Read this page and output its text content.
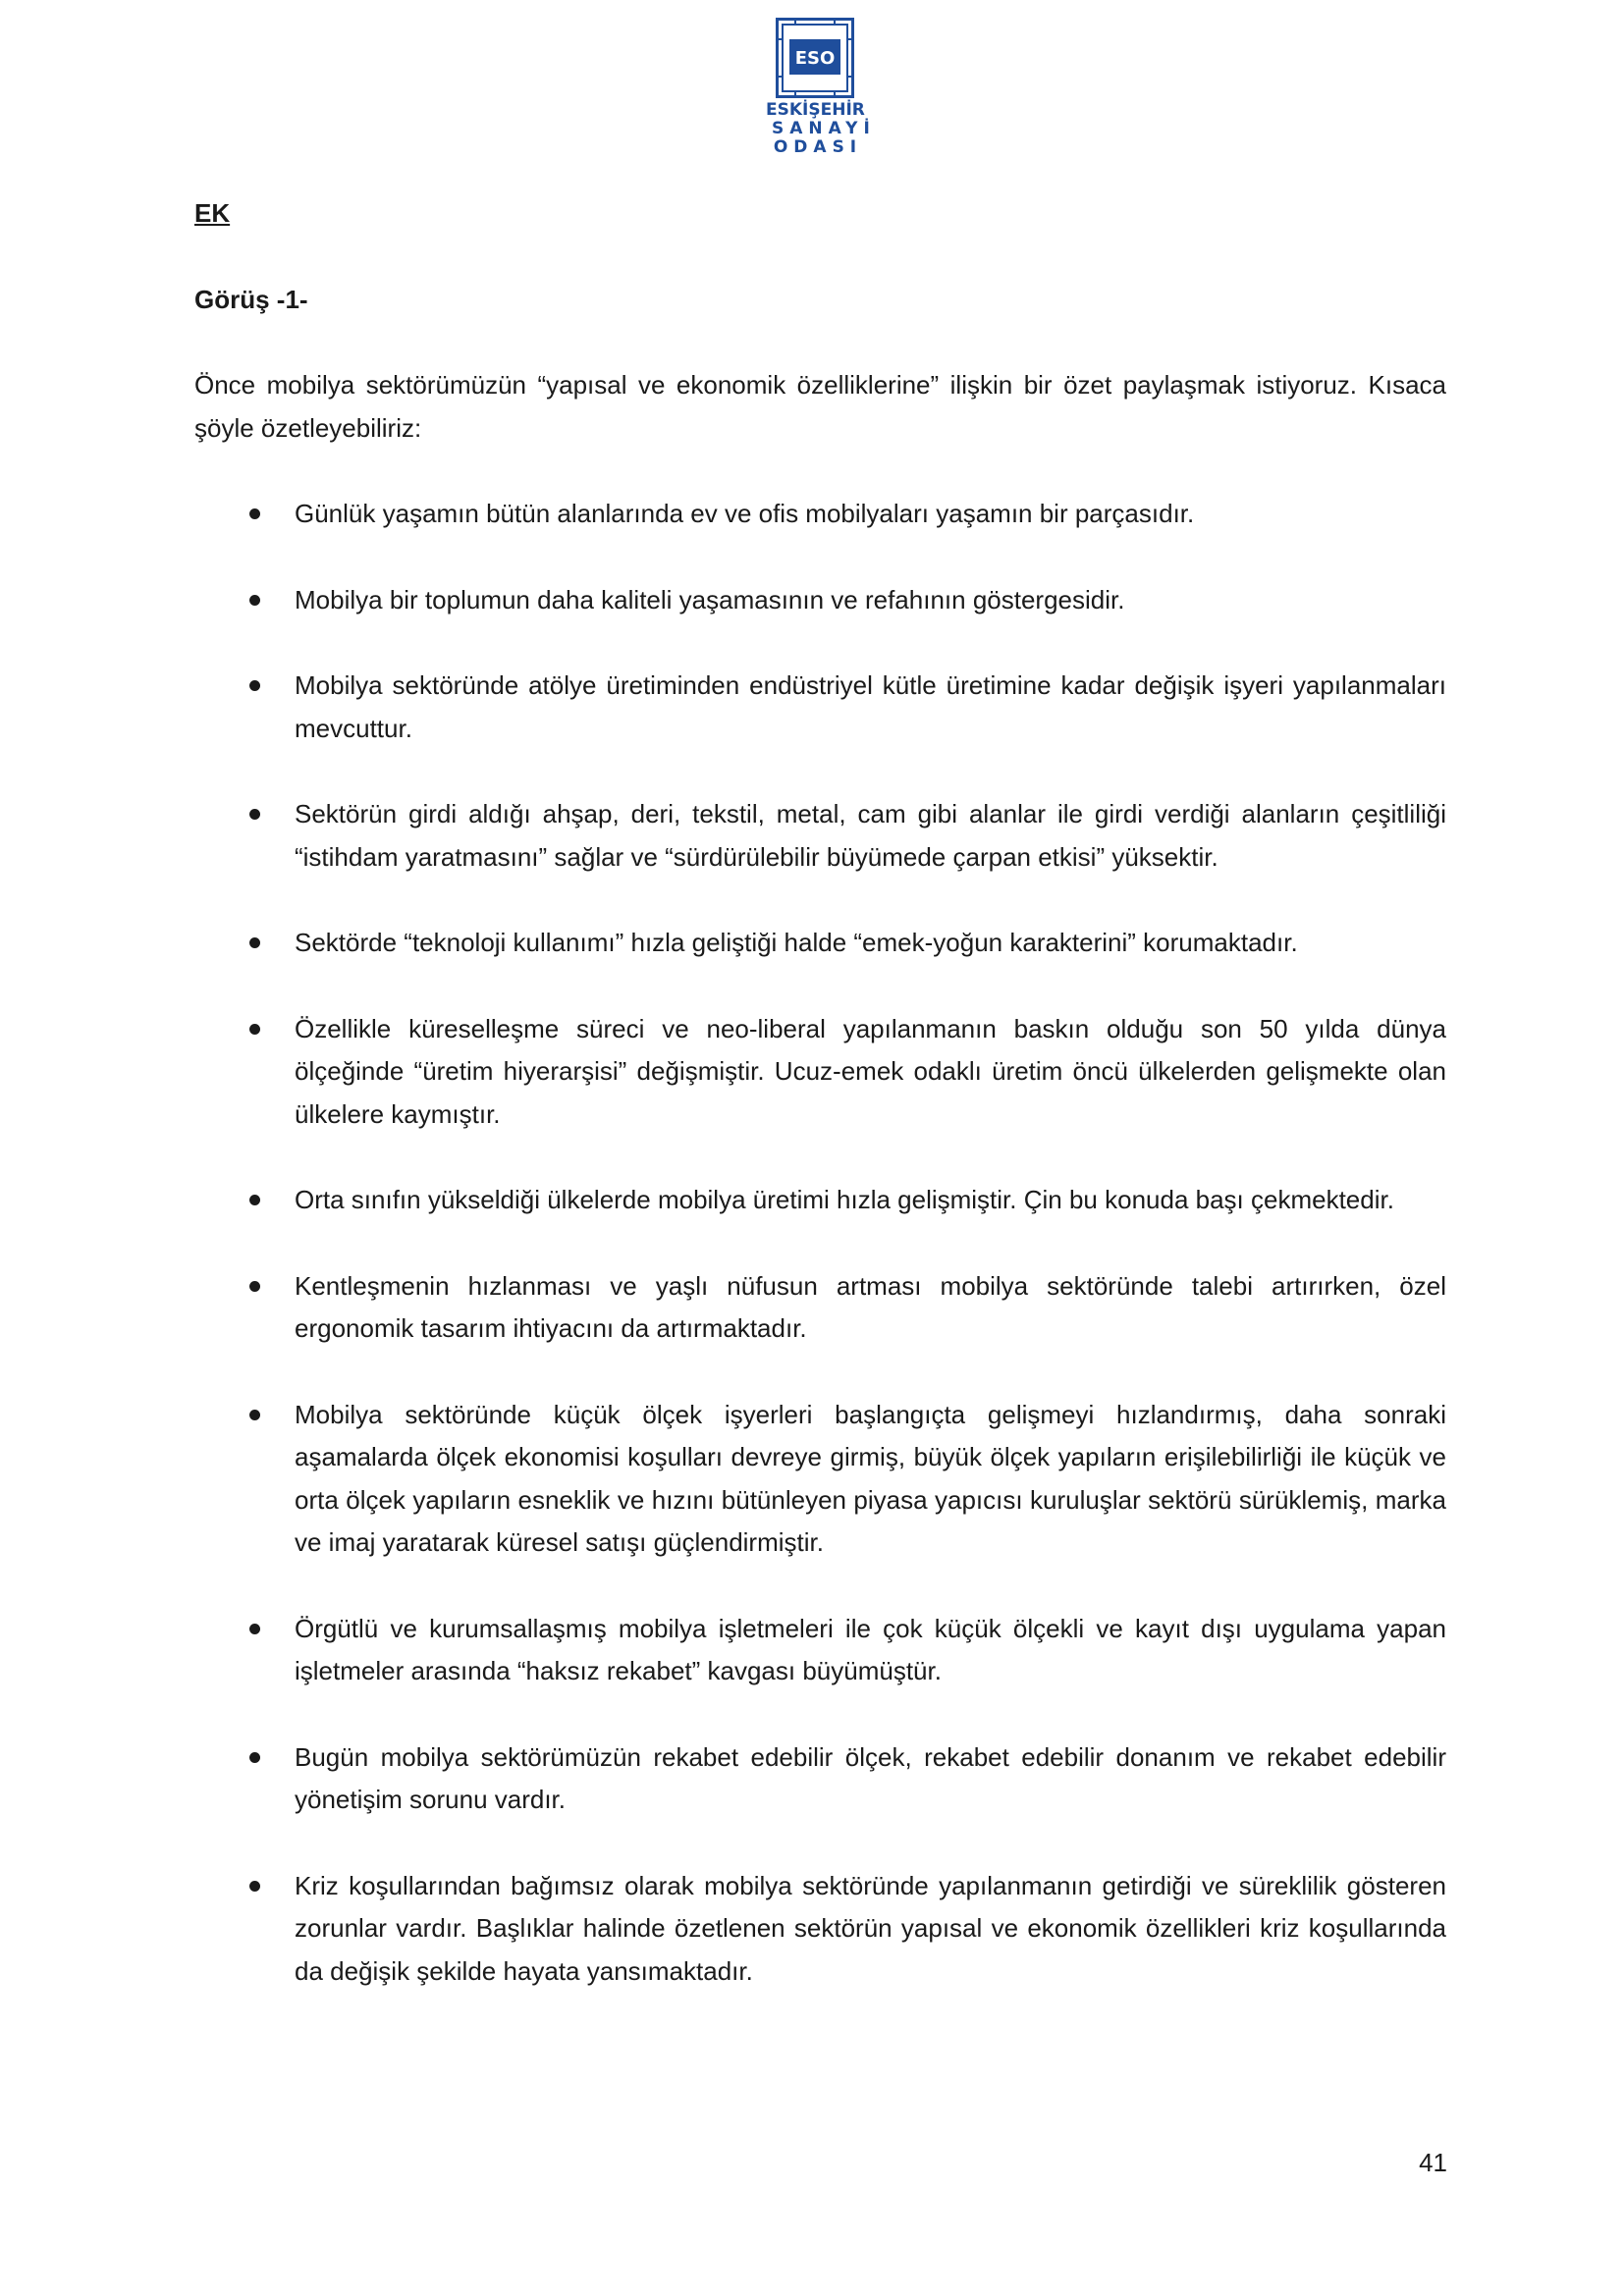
ESO
ESKİŞEHİR
SANAYİ
ODASI
EK
Görüş -1-

Önce mobilya sektörümüzün “yapısal ve ekonomik özelliklerine” ilişkin bir özet paylaşmak istiyoruz. Kısaca şöyle özetleyebiliriz:

Günlük yaşamın bütün alanlarında ev ve ofis mobilyaları yaşamın bir parçasıdır.
Mobilya bir toplumun daha kaliteli yaşamasının ve refahının göstergesidir.
Mobilya sektöründe atölye üretiminden endüstriyel kütle üretimine kadar değişik işyeri yapılanmaları mevcuttur.
Sektörün girdi aldığı ahşap, deri, tekstil, metal, cam gibi alanlar ile girdi verdiği alanların çeşitliliği “istihdam yaratmasını” sağlar ve “sürdürülebilir büyümede çarpan etkisi” yüksektir.
Sektörde “teknoloji kullanımı” hızla geliştiği halde “emek-yoğun karakterini” korumaktadır.
Özellikle küreselleşme süreci ve neo-liberal yapılanmanın baskın olduğu son 50 yılda dünya ölçeğinde “üretim hiyerarşisi” değişmiştir. Ucuz-emek odaklı üretim öncü ülkelerden gelişmekte olan ülkelere kaymıştır.
Orta sınıfın yükseldiği ülkelerde mobilya üretimi hızla gelişmiştir. Çin bu konuda başı çekmektedir.
Kentleşmenin hızlanması ve yaşlı nüfusun artması mobilya sektöründe talebi artırırken, özel ergonomik tasarım ihtiyacını da artırmaktadır.
Mobilya sektöründe küçük ölçek işyerleri başlangıçta gelişmeyi hızlandırmış, daha sonraki aşamalarda ölçek ekonomisi koşulları devreye girmiş, büyük ölçek yapıların erişilebilirliği ile küçük ve orta ölçek yapıların esneklik ve hızını bütünleyen piyasa yapıcısı kuruluşlar sektörü sürüklemiş, marka ve imaj yaratarak küresel satışı güçlendirmiştir.
Örgütlü ve kurumsallaşmış mobilya işletmeleri ile çok küçük ölçekli ve kayıt dışı uygulama yapan işletmeler arasında “haksız rekabet” kavgası büyümüştür.
Bugün mobilya sektörümüzün rekabet edebilir ölçek, rekabet edebilir donanım ve rekabet edebilir yönetişim sorunu vardır.
Kriz koşullarından bağımsız olarak mobilya sektöründe yapılanmanın getirdiği ve süreklilik gösteren zorunlar vardır. Başlıklar halinde özetlenen sektörün yapısal ve ekonomik özellikleri kriz koşullarında da değişik şekilde hayata yansımaktadır.
41
